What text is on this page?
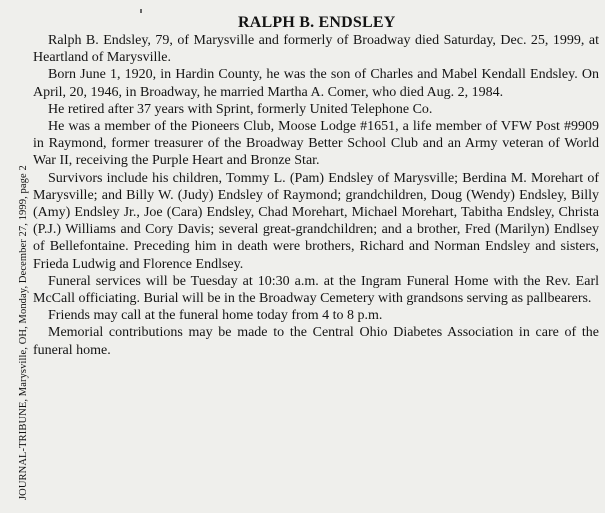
JOURNAL-TRIBUNE, Marysville, OH, Monday, December 27, 1999, page 2
RALPH B. ENDSLEY

Ralph B. Endsley, 79, of Marysville and formerly of Broadway died Saturday, Dec. 25, 1999, at Heartland of Marysville.

Born June 1, 1920, in Hardin County, he was the son of Charles and Mabel Kendall Endsley. On April, 20, 1946, in Broadway, he married Martha A. Comer, who died Aug. 2, 1984.

He retired after 37 years with Sprint, formerly United Telephone Co.

He was a member of the Pioneers Club, Moose Lodge #1651, a life member of VFW Post #9909 in Raymond, former treasurer of the Broadway Better School Club and an Army veteran of World War II, receiving the Purple Heart and Bronze Star.

Survivors include his children, Tommy L. (Pam) Endsley of Marysville; Berdina M. Morehart of Marysville; and Billy W. (Judy) Endsley of Raymond; grandchildren, Doug (Wendy) Endsley, Billy (Amy) Endsley Jr., Joe (Cara) Endsley, Chad Morehart, Michael Morehart, Tabitha Endsley, Christa (P.J.) Williams and Cory Davis; several great-grandchildren; and a brother, Fred (Marilyn) Endlsey of Bellefontaine. Preceding him in death were brothers, Richard and Norman Endsley and sisters, Frieda Ludwig and Florence Endlsey.

Funeral services will be Tuesday at 10:30 a.m. at the Ingram Funeral Home with the Rev. Earl McCall officiating. Burial will be in the Broadway Cemetery with grandsons serving as pallbearers.

Friends may call at the funeral home today from 4 to 8 p.m.

Memorial contributions may be made to the Central Ohio Diabetes Association in care of the funeral home.
